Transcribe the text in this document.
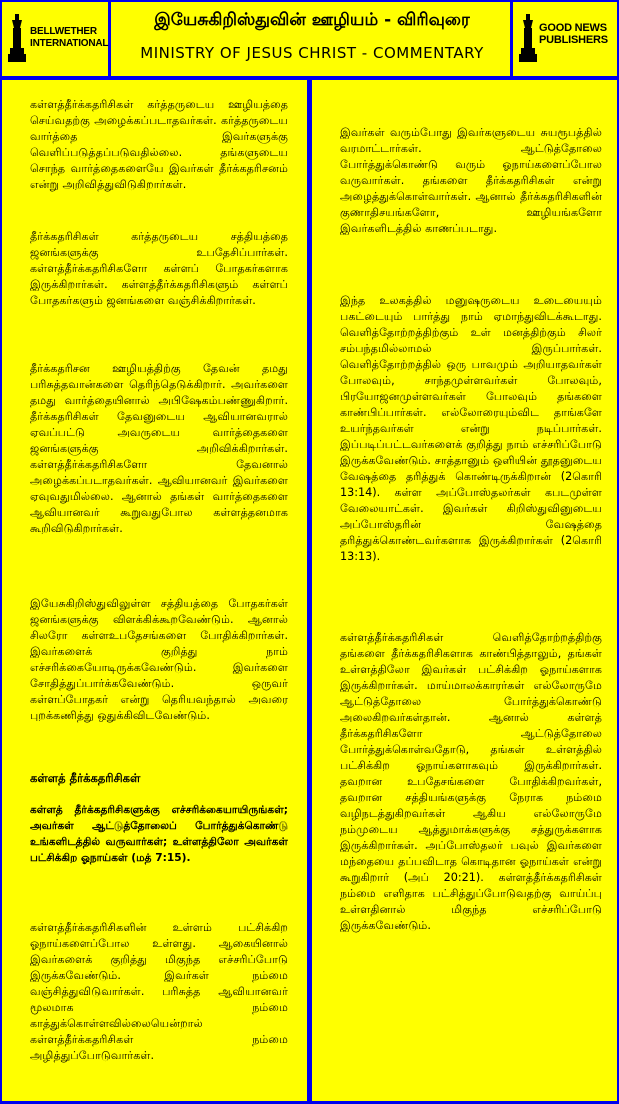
BELLWETHER INTERNATIONAL
இயேசுகிறிஸ்துவின் ஊழியம் - விரிவுரை
MINISTRY OF JESUS CHRIST - COMMENTARY
GOOD NEWS PUBLISHERS
கள்ளத்தீர்க்கதரிசிகள் கர்த்தருடைய ஊழியத்தை செய்வதற்கு அழைக்கப்படாதவர்கள். கர்த்தருடைய வார்த்தை இவர்களுக்கு வெளிப்படுத்தப்படுவதில்லை. தங்களுடைய சொந்த வார்த்தைகளையே இவர்கள் தீர்க்கதரிசனம் என்று அறிவித்துவிடுகிறார்கள்.
தீர்க்கதரிசிகள் கர்த்தருடைய சத்தியத்தை ஜனங்களுக்கு உபதேசிப்பார்கள். கள்ளத்தீர்க்கதரிசிகளோ கள்ளப் போதகர்களாக இருக்கிறார்கள். கள்ளத்தீர்க்கதரிசிகளும் கள்ளப் போதகர்களும் ஜனங்களை வஞ்சிக்கிறார்கள்.
தீர்க்கதரிசன ஊழியத்திற்கு தேவன் தமது பரிசுத்தவான்களை தெரிந்தெடுக்கிறார். அவர்களை தமது வார்த்தையினால் அபிஷேகம்பண்ணுகிறார். தீர்க்கதரிசிகள் தேவனுடைய ஆவியானவரால் ஏவப்பட்டு அவருடைய வார்த்தைகளை ஜனங்களுக்கு அறிவிக்கிறார்கள். கள்ளத்தீர்க்கதரிசிகளோ தேவனால் அழைக்கப்படாதவர்கள். ஆவியானவர் இவர்களை ஏவுவதுமில்லை. ஆனால் தங்கள் வார்த்தைகளை ஆவியானவர் கூறுவதுபோல கள்ளத்தனமாக கூறிவிடுகிறார்கள்.
இயேசுகிறிஸ்துவிலுள்ள சத்தியத்தை போதகர்கள் ஜனங்களுக்கு விளக்கிக்கூறவேண்டும். ஆனால் சிலரோ கள்ளஉபதேசங்களை போதிக்கிறார்கள். இவர்களைக் குறித்து நாம் எச்சரிக்கையோடிருக்கவேண்டும். இவர்களை சோதித்துப்பார்க்கவேண்டும். ஒருவர் கள்ளப்போதகர் என்று தெரியவந்தால் அவரை புறக்கணித்து ஒதுக்கிவிடவேண்டும்.
கள்ளத் தீர்க்கதரிசிகள்
கள்ளத் தீர்க்கதரிசிகளுக்கு எச்சரிக்கையாயிருங்கள்; அவர்கள் ஆட்டுத்தோலைப் போர்த்துக்கொண்டு உங்களிடத்தில் வருவார்கள்; உள்ளத்திலோ அவர்கள் பட்சிக்கிற ஓநாய்கள் (மத் 7:15).
கள்ளத்தீர்க்கதரிசிகளின் உள்ளம் பட்சிக்கிற ஓநாய்களைப்போல உள்ளது. ஆகையினால் இவர்களைக் குறித்து மிகுந்த எச்சரிப்போடு இருக்கவேண்டும். இவர்கள் நம்மை வஞ்சித்துவிடுவார்கள். பரிசுத்த ஆவியானவர் மூலமாக நம்மை காத்துக்கொள்ளவில்லையென்றால் கள்ளத்தீர்க்கதரிசிகள் நம்மை அழித்துப்போடுவார்கள்.
இவர்கள் வரும்போது இவர்களுடைய சுயரூபத்தில் வரமாட்டார்கள். ஆட்டுத்தோலை போர்த்துக்கொண்டு வரும் ஓநாய்களைப்போல வருவார்கள். தங்களை தீர்க்கதரிசிகள் என்று அழைத்துக்கொள்வார்கள். ஆனால் தீர்க்கதரிசிகளின் குணாதிசயங்களோ, ஊழியங்களோ இவர்களிடத்தில் காணப்படாது.
இந்த உலகத்தில் மனுஷருடைய உடையையும் பகட்டையும் பார்த்து நாம் ஏமாந்துவிடக்கூடாது. வெளித்தோற்றத்திற்கும் உள் மனத்திற்கும் சிலர் சம்பந்தமில்லாமல் இருப்பார்கள். வெளித்தோற்றத்தில் ஒரு பாவமும் அறியாதவர்கள் போலவும், சாந்தமுள்ளவர்கள் போலவும், பிரயோஜனமுள்ளவர்கள் போலவும் தங்களை காண்பிப்பார்கள். எல்லோரையும்விட தாங்களே உயர்ந்தவர்கள் என்று நடிப்பார்கள். இப்படிப்பட்டவர்களைக் குறித்து நாம் எச்சரிப்போடு இருக்கவேண்டும். சாத்தானும் ஒளியின் தூதனுடைய வேஷத்தை தரித்துக் கொண்டிருக்கிறான் (2கொரி 13:14). கள்ள அப்போஸ்தலர்கள் கபடமுள்ள வேலையாட்கள். இவர்கள் கிறிஸ்துவினுடைய அப்போஸ்தரின் வேஷத்தை தரித்துக்கொண்டவர்களாக இருக்கிறார்கள் (2கொரி 13:13).
கள்ளத்தீர்க்கதரிசிகள் வெளித்தோற்றத்திற்கு தங்களை தீர்க்கதரிசிகளாக காண்பித்தாலும், தங்கள் உள்ளத்திலோ இவர்கள் பட்சிக்கிற ஓநாய்களாக இருக்கிறார்கள். மாய்மாலக்காரர்கள் எல்லோருமே ஆட்டுத்தோலை போர்த்துக்கொண்டு அலைகிறவர்கள்தான். ஆனால் கள்ளத் தீர்க்கதரிசிகளோ ஆட்டுத்தோலை போர்த்துக்கொள்வதோடு, தங்கள் உள்ளத்தில் பட்சிக்கிற ஓநாய்களாகவும் இருக்கிறார்கள். தவறான உபதேசங்களை போதிக்கிறவர்கள், தவறான சத்தியங்களுக்கு நேராக நம்மை வழிநடத்துகிறவர்கள் ஆகிய எல்லோருமே நம்முடைய ஆத்துமாக்களுக்கு சத்துருக்களாக இருக்கிறார்கள். அப்போஸ்தலர் பவுல் இவர்களை மந்தையை தப்பவிடாத கொடிதான ஓநாய்கள் என்று கூறுகிறார் (அப் 20:21). கள்ளத்தீர்க்கதரிசிகள் நம்மை எளிதாக பட்சித்துப்போடுவதற்கு வாய்ப்பு உள்ளதினால் மிகுந்த எச்சரிப்போடு இருக்கவேண்டும்.
